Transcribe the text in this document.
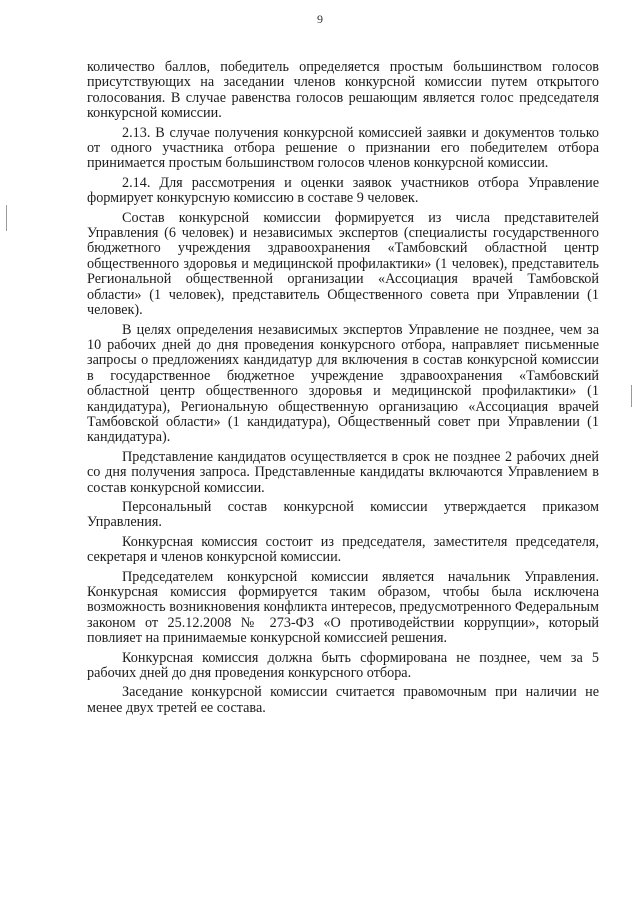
9

количество баллов, победитель определяется простым большинством голосов присутствующих на заседании членов конкурсной комиссии путем открытого голосования. В случае равенства голосов решающим является голос председателя конкурсной комиссии.

2.13. В случае получения конкурсной комиссией заявки и документов только от одного участника отбора решение о признании его победителем отбора принимается простым большинством голосов членов конкурсной комиссии.

2.14. Для рассмотрения и оценки заявок участников отбора Управление формирует конкурсную комиссию в составе 9 человек.

Состав конкурсной комиссии формируется из числа представителей Управления (6 человек) и независимых экспертов (специалисты государственного бюджетного учреждения здравоохранения «Тамбовский областной центр общественного здоровья и медицинской профилактики» (1 человек), представитель Региональной общественной организации «Ассоциация врачей Тамбовской области» (1 человек), представитель Общественного совета при Управлении (1 человек).

В целях определения независимых экспертов Управление не позднее, чем за 10 рабочих дней до дня проведения конкурсного отбора, направляет письменные запросы о предложениях кандидатур для включения в состав конкурсной комиссии в государственное бюджетное учреждение здравоохранения «Тамбовский областной центр общественного здоровья и медицинской профилактики» (1 кандидатура), Региональную общественную организацию «Ассоциация врачей Тамбовской области» (1 кандидатура), Общественный совет при Управлении (1 кандидатура).

Представление кандидатов осуществляется в срок не позднее 2 рабочих дней со дня получения запроса. Представленные кандидаты включаются Управлением в состав конкурсной комиссии.

Персональный состав конкурсной комиссии утверждается приказом Управления.

Конкурсная комиссия состоит из председателя, заместителя председателя, секретаря и членов конкурсной комиссии.

Председателем конкурсной комиссии является начальник Управления. Конкурсная комиссия формируется таким образом, чтобы была исключена возможность возникновения конфликта интересов, предусмотренного Федеральным законом от 25.12.2008 № 273-ФЗ «О противодействии коррупции», который повлияет на принимаемые конкурсной комиссией решения.

Конкурсная комиссия должна быть сформирована не позднее, чем за 5 рабочих дней до дня проведения конкурсного отбора.

Заседание конкурсной комиссии считается правомочным при наличии не менее двух третей ее состава.
